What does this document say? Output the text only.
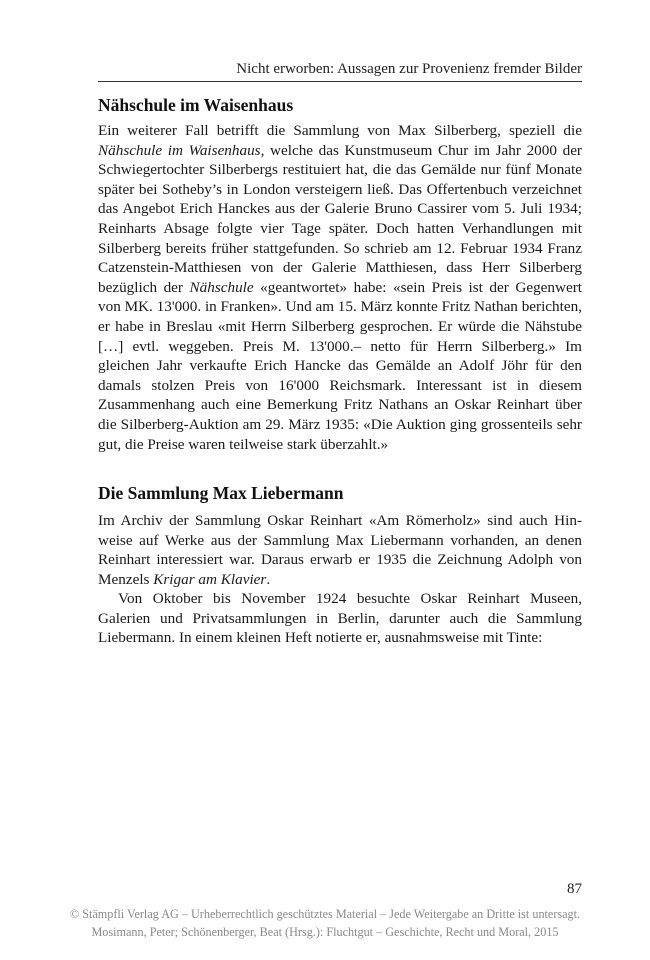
Nicht erworben: Aussagen zur Provenienz fremder Bilder
Nähschule im Waisenhaus

Ein weiterer Fall betrifft die Sammlung von Max Silberberg, speziell die Nähschule im Waisenhaus, welche das Kunstmuseum Chur im Jahr 2000 der Schwiegertochter Silberbergs restituiert hat, die das Gemälde nur fünf Monate später bei Sotheby’s in London versteigern ließ. Das Offertenbuch verzeichnet das Angebot Erich Hanckes aus der Galerie Bruno Cassirer vom 5. Juli 1934; Reinharts Absage folgte vier Tage später. Doch hatten Verhandlungen mit Silberberg bereits früher stattgefunden. So schrieb am 12. Februar 1934 Franz Catzenstein-Matthiesen von der Galerie Matthiesen, dass Herr Silberberg bezüglich der Nähschule «geantwortet» habe: «sein Preis ist der Gegenwert von MK. 13'000. in Franken». Und am 15. März konnte Fritz Nathan berichten, er habe in Breslau «mit Herrn Silberberg gesprochen. Er würde die Nähstube […] evtl. weggeben. Preis M. 13'000.– netto für Herrn Silberberg.» Im gleichen Jahr verkaufte Erich Hancke das Gemälde an Adolf Jöhr für den damals stolzen Preis von 16'000 Reichsmark. Interessant ist in diesem Zusammenhang auch eine Bemerkung Fritz Nathans an Oskar Reinhart über die Silberberg-Auktion am 29. März 1935: «Die Auktion ging grossenteils sehr gut, die Preise waren teilweise stark überzahlt.»

Die Sammlung Max Liebermann

Im Archiv der Sammlung Oskar Reinhart «Am Römerholz» sind auch Hinweise auf Werke aus der Sammlung Max Liebermann vorhanden, an denen Reinhart interessiert war. Daraus erwarb er 1935 die Zeichnung Adolph von Menzels Krigar am Klavier.

Von Oktober bis November 1924 besuchte Oskar Reinhart Museen, Galerien und Privatsammlungen in Berlin, darunter auch die Sammlung Liebermann. In einem kleinen Heft notierte er, ausnahmsweise mit Tinte:

87
© Stämpfli Verlag AG – Urheberrechtlich geschütztes Material – Jede Weitergabe an Dritte ist untersagt.
Mosimann, Peter; Schönenberger, Beat (Hrsg.): Fluchtgut – Geschichte, Recht und Moral, 2015
